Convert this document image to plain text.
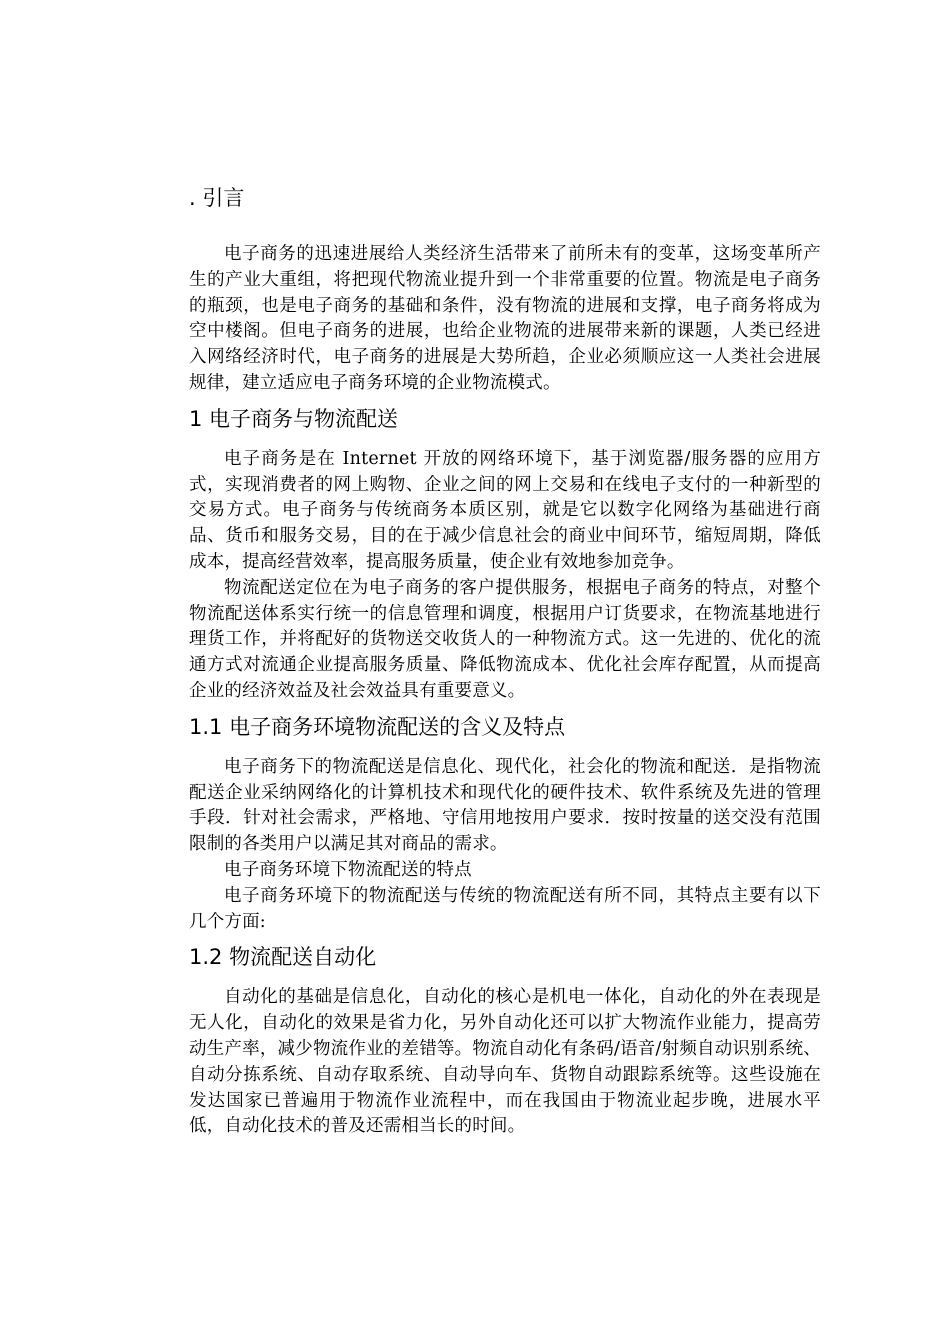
. 引言

电子商务的迅速进展给人类经济生活带来了前所未有的变革，这场变革所产生的产业大重组，将把现代物流业提升到一个非常重要的位置。物流是电子商务的瓶颈，也是电子商务的基础和条件，没有物流的进展和支撑，电子商务将成为空中楼阁。但电子商务的进展，也给企业物流的进展带来新的课题，人类已经进入网络经济时代，电子商务的进展是大势所趋，企业必须顺应这一人类社会进展规律，建立适应电子商务环境的企业物流模式。

1 电子商务与物流配送

电子商务是在 Internet 开放的网络环境下，基于浏览器/服务器的应用方式，实现消费者的网上购物、企业之间的网上交易和在线电子支付的一种新型的交易方式。电子商务与传统商务本质区别，就是它以数字化网络为基础进行商品、货币和服务交易，目的在于减少信息社会的商业中间环节，缩短周期，降低成本，提高经营效率，提高服务质量，使企业有效地参加竞争。

物流配送定位在为电子商务的客户提供服务，根据电子商务的特点，对整个物流配送体系实行统一的信息管理和调度，根据用户订货要求，在物流基地进行理货工作，并将配好的货物送交收货人的一种物流方式。这一先进的、优化的流通方式对流通企业提高服务质量、降低物流成本、优化社会库存配置，从而提高企业的经济效益及社会效益具有重要意义。

1.1 电子商务环境物流配送的含义及特点

电子商务下的物流配送是信息化、现代化，社会化的物流和配送．是指物流配送企业采纳网络化的计算机技术和现代化的硬件技术、软件系统及先进的管理手段．针对社会需求，严格地、守信用地按用户要求．按时按量的送交没有范围限制的各类用户以满足其对商品的需求。

电子商务环境下物流配送的特点

电子商务环境下的物流配送与传统的物流配送有所不同，其特点主要有以下几个方面:

1.2 物流配送自动化

自动化的基础是信息化，自动化的核心是机电一体化，自动化的外在表现是无人化，自动化的效果是省力化，另外自动化还可以扩大物流作业能力，提高劳动生产率，减少物流作业的差错等。物流自动化有条码/语音/射频自动识别系统、自动分拣系统、自动存取系统、自动导向车、货物自动跟踪系统等。这些设施在发达国家已普遍用于物流作业流程中，而在我国由于物流业起步晚，进展水平低，自动化技术的普及还需相当长的时间。
